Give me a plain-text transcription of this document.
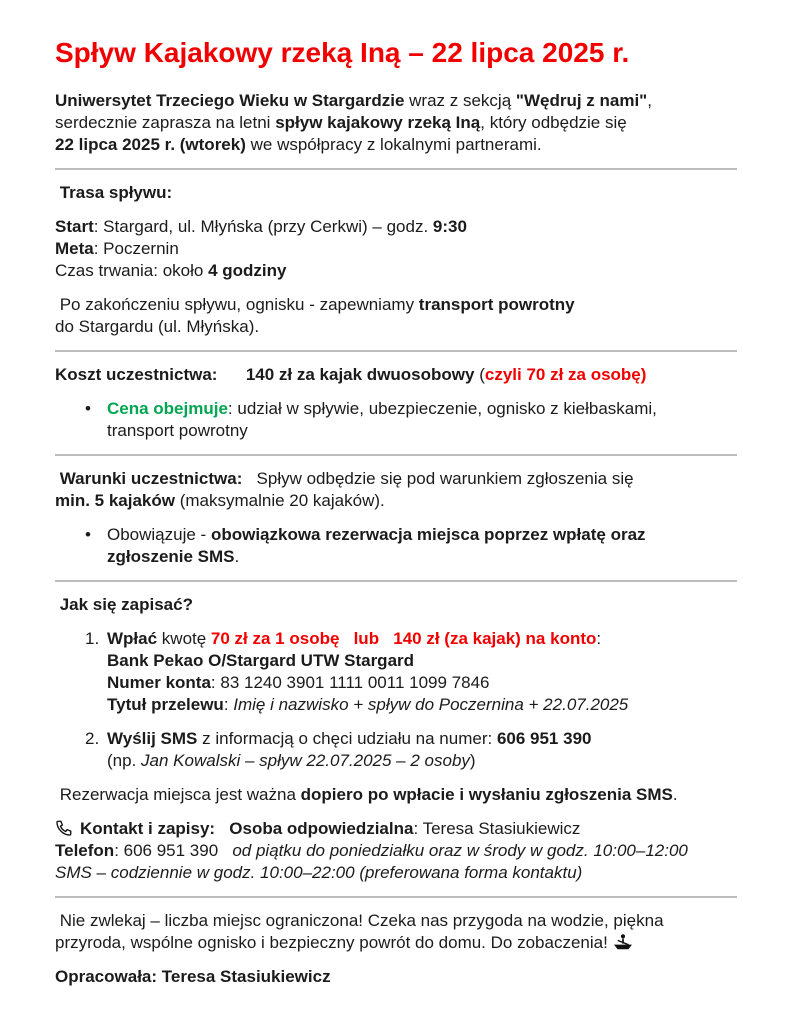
Spływ Kajakowy rzeką Iną – 22 lipca 2025 r.

Uniwersytet Trzeciego Wieku w Stargardzie wraz z sekcją "Wędruj z nami",
serdecznie zaprasza na letni spływ kajakowy rzeką Iną, który odbędzie się
22 lipca 2025 r. (wtorek) we współpracy z lokalnymi partnerami.

Trasa spływu:

Start: Stargard, ul. Młyńska (przy Cerkwi) – godz. 9:30
Meta: Poczernin
Czas trwania: około 4 godziny

Po zakończeniu spływu, ognisku - zapewniamy transport powrotny
do Stargardu (ul. Młyńska).

Koszt uczestnictwa: 140 zł za kajak dwuosobowy (czyli 70 zł za osobę)

• Cena obejmuje: udział w spływie, ubezpieczenie, ognisko z kiełbaskami,
transport powrotny

Warunki uczestnictwa: Spływ odbędzie się pod warunkiem zgłoszenia się
min. 5 kajaków (maksymalnie 20 kajaków).

• Obowiązuje - obowiązkowa rezerwacja miejsca poprzez wpłatę oraz
zgłoszenie SMS.

Jak się zapisać?

1. Wpłać kwotę 70 zł za 1 osobę   lub   140 zł (za kajak) na konto:
Bank Pekao O/Stargard UTW Stargard
Numer konta: 83 1240 3901 1111 0011 1099 7846
Tytuł przelewu: Imię i nazwisko + spływ do Poczernina + 22.07.2025
2. Wyślij SMS z informacją o chęci udziału na numer: 606 951 390
(np. Jan Kowalski – spływ 22.07.2025 – 2 osoby)

Rezerwacja miejsca jest ważna dopiero po wpłacie i wysłaniu zgłoszenia SMS.

Kontakt i zapisy: Osoba odpowiedzialna: Teresa Stasiukiewicz
Telefon: 606 951 390   od piątku do poniedziałku oraz w środy w godz. 10:00–12:00
SMS – codziennie w godz. 10:00–22:00 (preferowana forma kontaktu)

Nie zwlekaj – liczba miejsc ograniczona! Czeka nas przygoda na wodzie, piękna
przyroda, wspólne ognisko i bezpieczny powrót do domu. Do zobaczenia!

Opracowała: Teresa Stasiukiewicz
